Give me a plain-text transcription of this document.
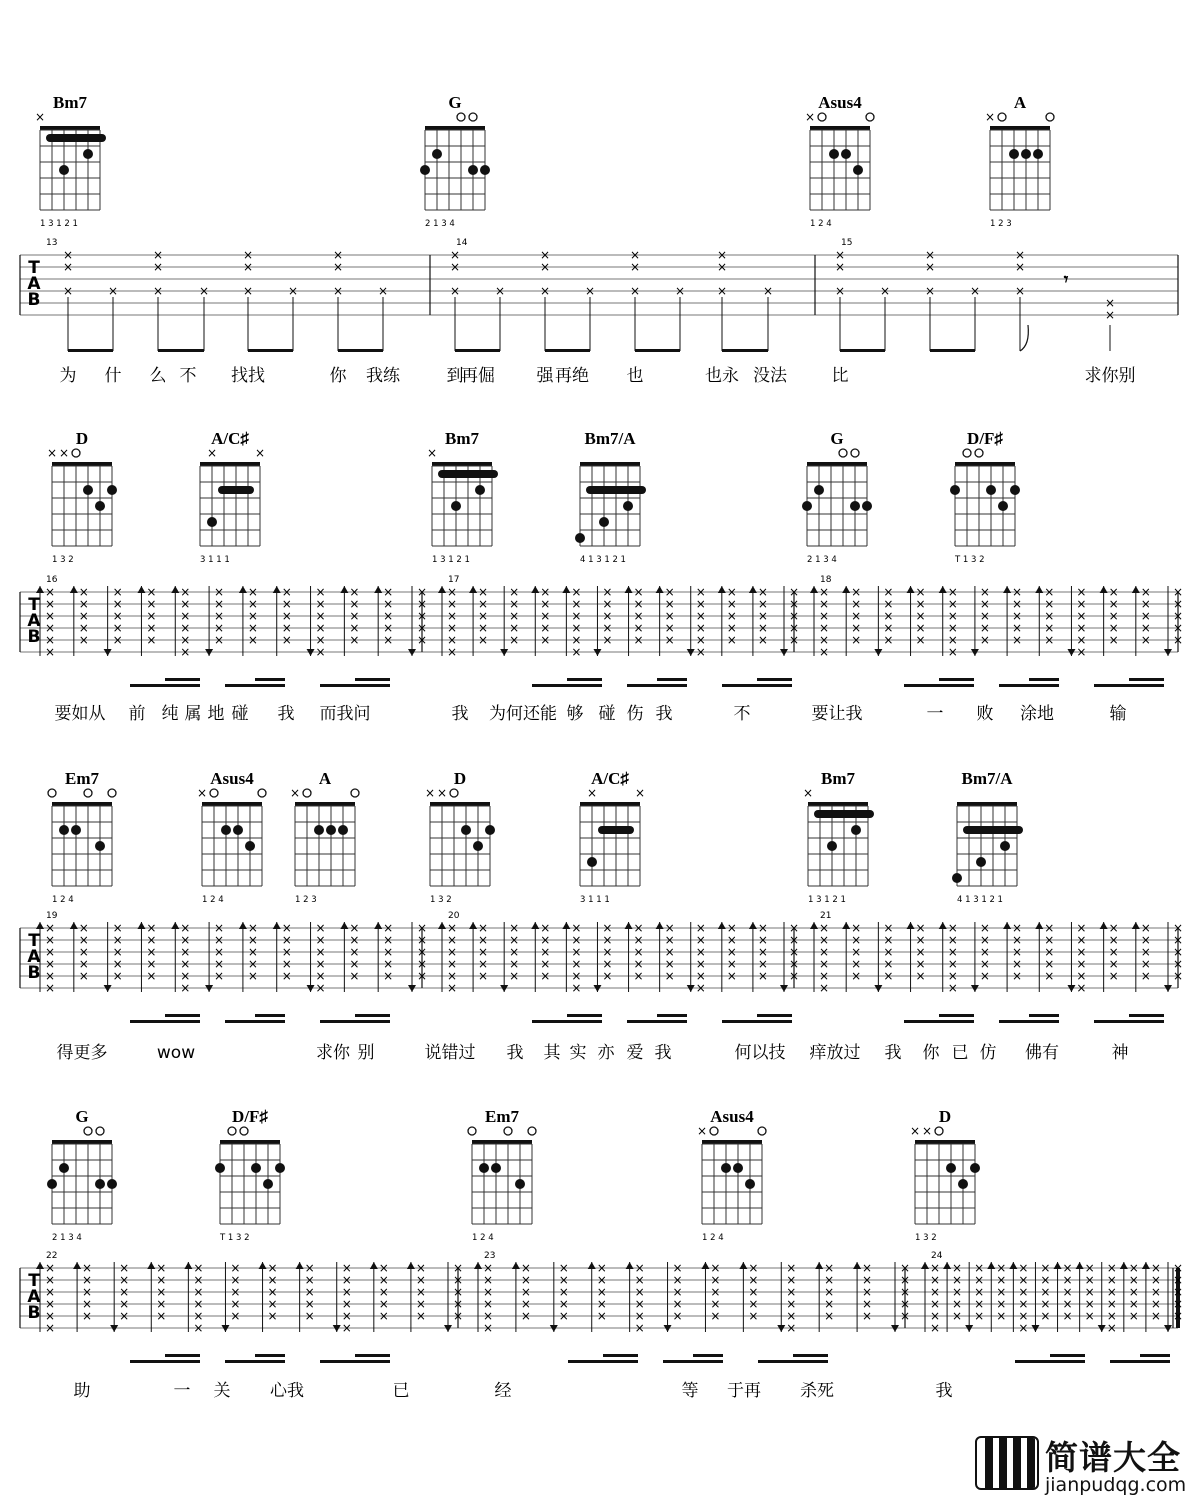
Bm7
×
1 3 1 2 1
G
2 1 3 4
Asus4
×
1 2 4
A
×
1 2 3
T
A
B
13	14	15
×
×
×	×
×
×
×	×
×
×
×	×
×
×
×	×
×
×
×	×
×
×
×	×
×
×
×	×
×
×
×	×
×
×
×	×
×
×
×	×
×
×
×
𝄾
×
×
为 什 么 不 找找	你 我练	到
再倔 强 再绝 也	也永 没法	比	求你别
D
× ×
1 3 2
A/C♯
×	×
3 1 1 1
Bm7
×
1 3 1 2 1
Bm7/A
4 1 3 1 2 1
G
2 1 3 4
D/F♯
T 1 3 2
T
A
B
16	17	18
×
×
×
×
×
×
×
×
×
×
×
×
×
×
×
×
×
×
×
×
×
×
×
×
×
×
×
×
×
×
×
×
×
×
×
×
×
×
×
×
×
×
×
×
×
×
×
×
×
×
×
×
×
×
×
×
×
×
×
×
×
×
×
×
×
×
×
×
×
×
×
×
×
×
×
×
×
×
×
×
×
×
×
×
×
×
×
×
×
×
×
×
×
×
×
×
×
×
×
×
×
×
×
×
×
×
×
×
×
×
×
×
×
×
×
×
×
×
×
×
×
×
×
×
×
×
×
×
×
×
×
×
×
×
×
×
×
×
×
×
×
×
×
×
×
×
×
×
×
×
×
×
×
×
×
×
×
×
×
×
×
×
×
×
×
×
×
×
×
×
×
×
×
×
×
×
×
×
×
×
×
×
×
×
×
×
×
×
×
要如从 前 纯 属 地 碰 我 而我问	我 为何还能 够 碰 伤 我	不	要让我	一 败 涂地	输
Em7
1 2 4
Asus4
×
1 2 4
A
×
1 2 3
D
× ×
1 3 2
A/C♯
×	×
3 1 1 1
Bm7
×
1 3 1 2 1
Bm7/A
4 1 3 1 2 1
T
A
B
19	20	21
×
×
×
×
×
×
×
×
×
×
×
×
×
×
×
×
×
×
×
×
×
×
×
×
×
×
×
×
×
×
×
×
×
×
×
×
×
×
×
×
×
×
×
×
×
×
×
×
×
×
×
×
×
×
×
×
×
×
×
×
×
×
×
×
×
×
×
×
×
×
×
×
×
×
×
×
×
×
×
×
×
×
×
×
×
×
×
×
×
×
×
×
×
×
×
×
×
×
×
×
×
×
×
×
×
×
×
×
×
×
×
×
×
×
×
×
×
×
×
×
×
×
×
×
×
×
×
×
×
×
×
×
×
×
×
×
×
×
×
×
×
×
×
×
×
×
×
×
×
×
×
×
×
×
×
×
×
×
×
×
×
×
×
×
×
×
×
×
×
×
×
×
×
×
×
×
×
×
×
×
×
×
×
×
×
×
×
×
×
得更多	wow	求你 别	说错过 我 其 实 亦 爱 我	何以技 痒放过 我 你 已 仿 佛有	神
G
2 1 3 4
D/F♯
T 1 3 2
Em7
1 2 4
Asus4
×
1 2 4
D
× ×
1 3 2
T
A
B
22	23	24
×
×
×
×
×
×
×
×
×
×
×
×
×
×
×
×
×
×
×
×
×
×
×
×
×
×
×
×
×
×
×
×
×
×
×
×
×
×
×
×
×
×
×
×
×
×
×
×
×
×
×
×
×
×
×
×
×
×
×
×
×
×
×
×
×
×
×
×
×
×
×
×
×
×
×
×
×
×
×
×
×
×
×
×
×
×
×
×
×
×
×
×
×
×
×
×
×
×
×
×
×
×
×
×
×
×
×
×
×
×
×
×
×
×
×
×
×
×
×
×
×
×
×
×
×
×
×
×
×
×
×
×
×
×
×
×
×
×
×
×
×
×
×
×
×
×
×
×
×
×
×
×
×
×
×
×
×
×
×
×
×
×
×
×
×
×
×
×
×
×
×
×
×
×
×
×
×
×
×
×
×
×
×
×
×
×
×
×
×
助	一 关 心我	已	经	等 于再 杀死	我
简谱大全
jianpudqg.com
